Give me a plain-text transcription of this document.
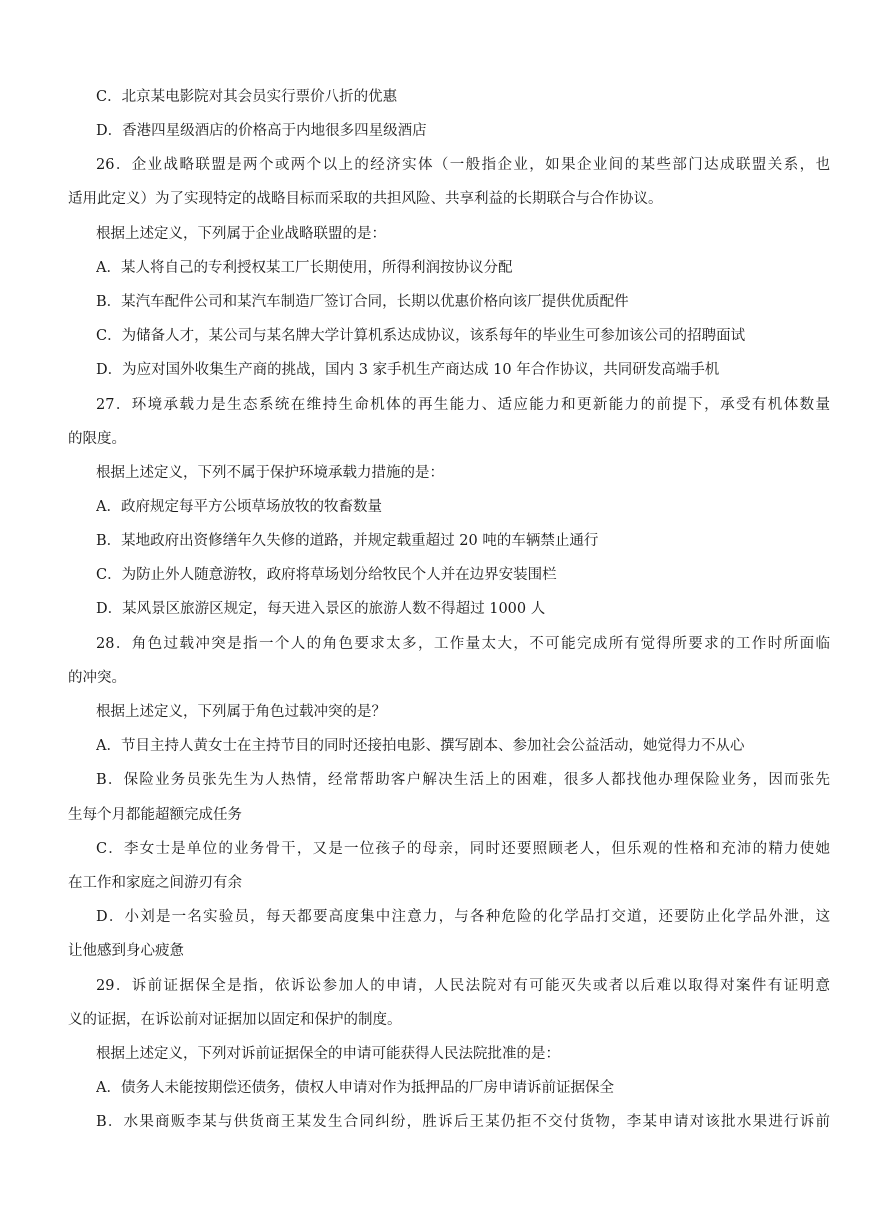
C．北京某电影院对其会员实行票价八折的优惠
D．香港四星级酒店的价格高于内地很多四星级酒店
26．企业战略联盟是两个或两个以上的经济实体（一般指企业，如果企业间的某些部门达成联盟关系，也
适用此定义）为了实现特定的战略目标而采取的共担风险、共享利益的长期联合与合作协议。
根据上述定义，下列属于企业战略联盟的是：
A．某人将自己的专利授权某工厂长期使用，所得利润按协议分配
B．某汽车配件公司和某汽车制造厂签订合同，长期以优惠价格向该厂提供优质配件
C．为储备人才，某公司与某名牌大学计算机系达成协议，该系每年的毕业生可参加该公司的招聘面试
D．为应对国外收集生产商的挑战，国内 3 家手机生产商达成 10 年合作协议，共同研发高端手机
27．环境承载力是生态系统在维持生命机体的再生能力、适应能力和更新能力的前提下，承受有机体数量
的限度。
根据上述定义，下列不属于保护环境承载力措施的是：
A．政府规定每平方公顷草场放牧的牧畜数量
B．某地政府出资修缮年久失修的道路，并规定载重超过 20 吨的车辆禁止通行
C．为防止外人随意游牧，政府将草场划分给牧民个人并在边界安装围栏
D．某风景区旅游区规定，每天进入景区的旅游人数不得超过 1000 人
28．角色过载冲突是指一个人的角色要求太多，工作量太大，不可能完成所有觉得所要求的工作时所面临
的冲突。
根据上述定义，下列属于角色过载冲突的是？
A．节目主持人黄女士在主持节目的同时还接拍电影、撰写剧本、参加社会公益活动，她觉得力不从心
B．保险业务员张先生为人热情，经常帮助客户解决生活上的困难，很多人都找他办理保险业务，因而张先
生每个月都能超额完成任务
C．李女士是单位的业务骨干，又是一位孩子的母亲，同时还要照顾老人，但乐观的性格和充沛的精力使她
在工作和家庭之间游刃有余
D．小刘是一名实验员，每天都要高度集中注意力，与各种危险的化学品打交道，还要防止化学品外泄，这
让他感到身心疲惫
29．诉前证据保全是指，依诉讼参加人的申请，人民法院对有可能灭失或者以后难以取得对案件有证明意
义的证据，在诉讼前对证据加以固定和保护的制度。
根据上述定义，下列对诉前证据保全的申请可能获得人民法院批准的是：
A．债务人未能按期偿还债务，债权人申请对作为抵押品的厂房申请诉前证据保全
B．水果商贩李某与供货商王某发生合同纠纷，胜诉后王某仍拒不交付货物，李某申请对该批水果进行诉前
